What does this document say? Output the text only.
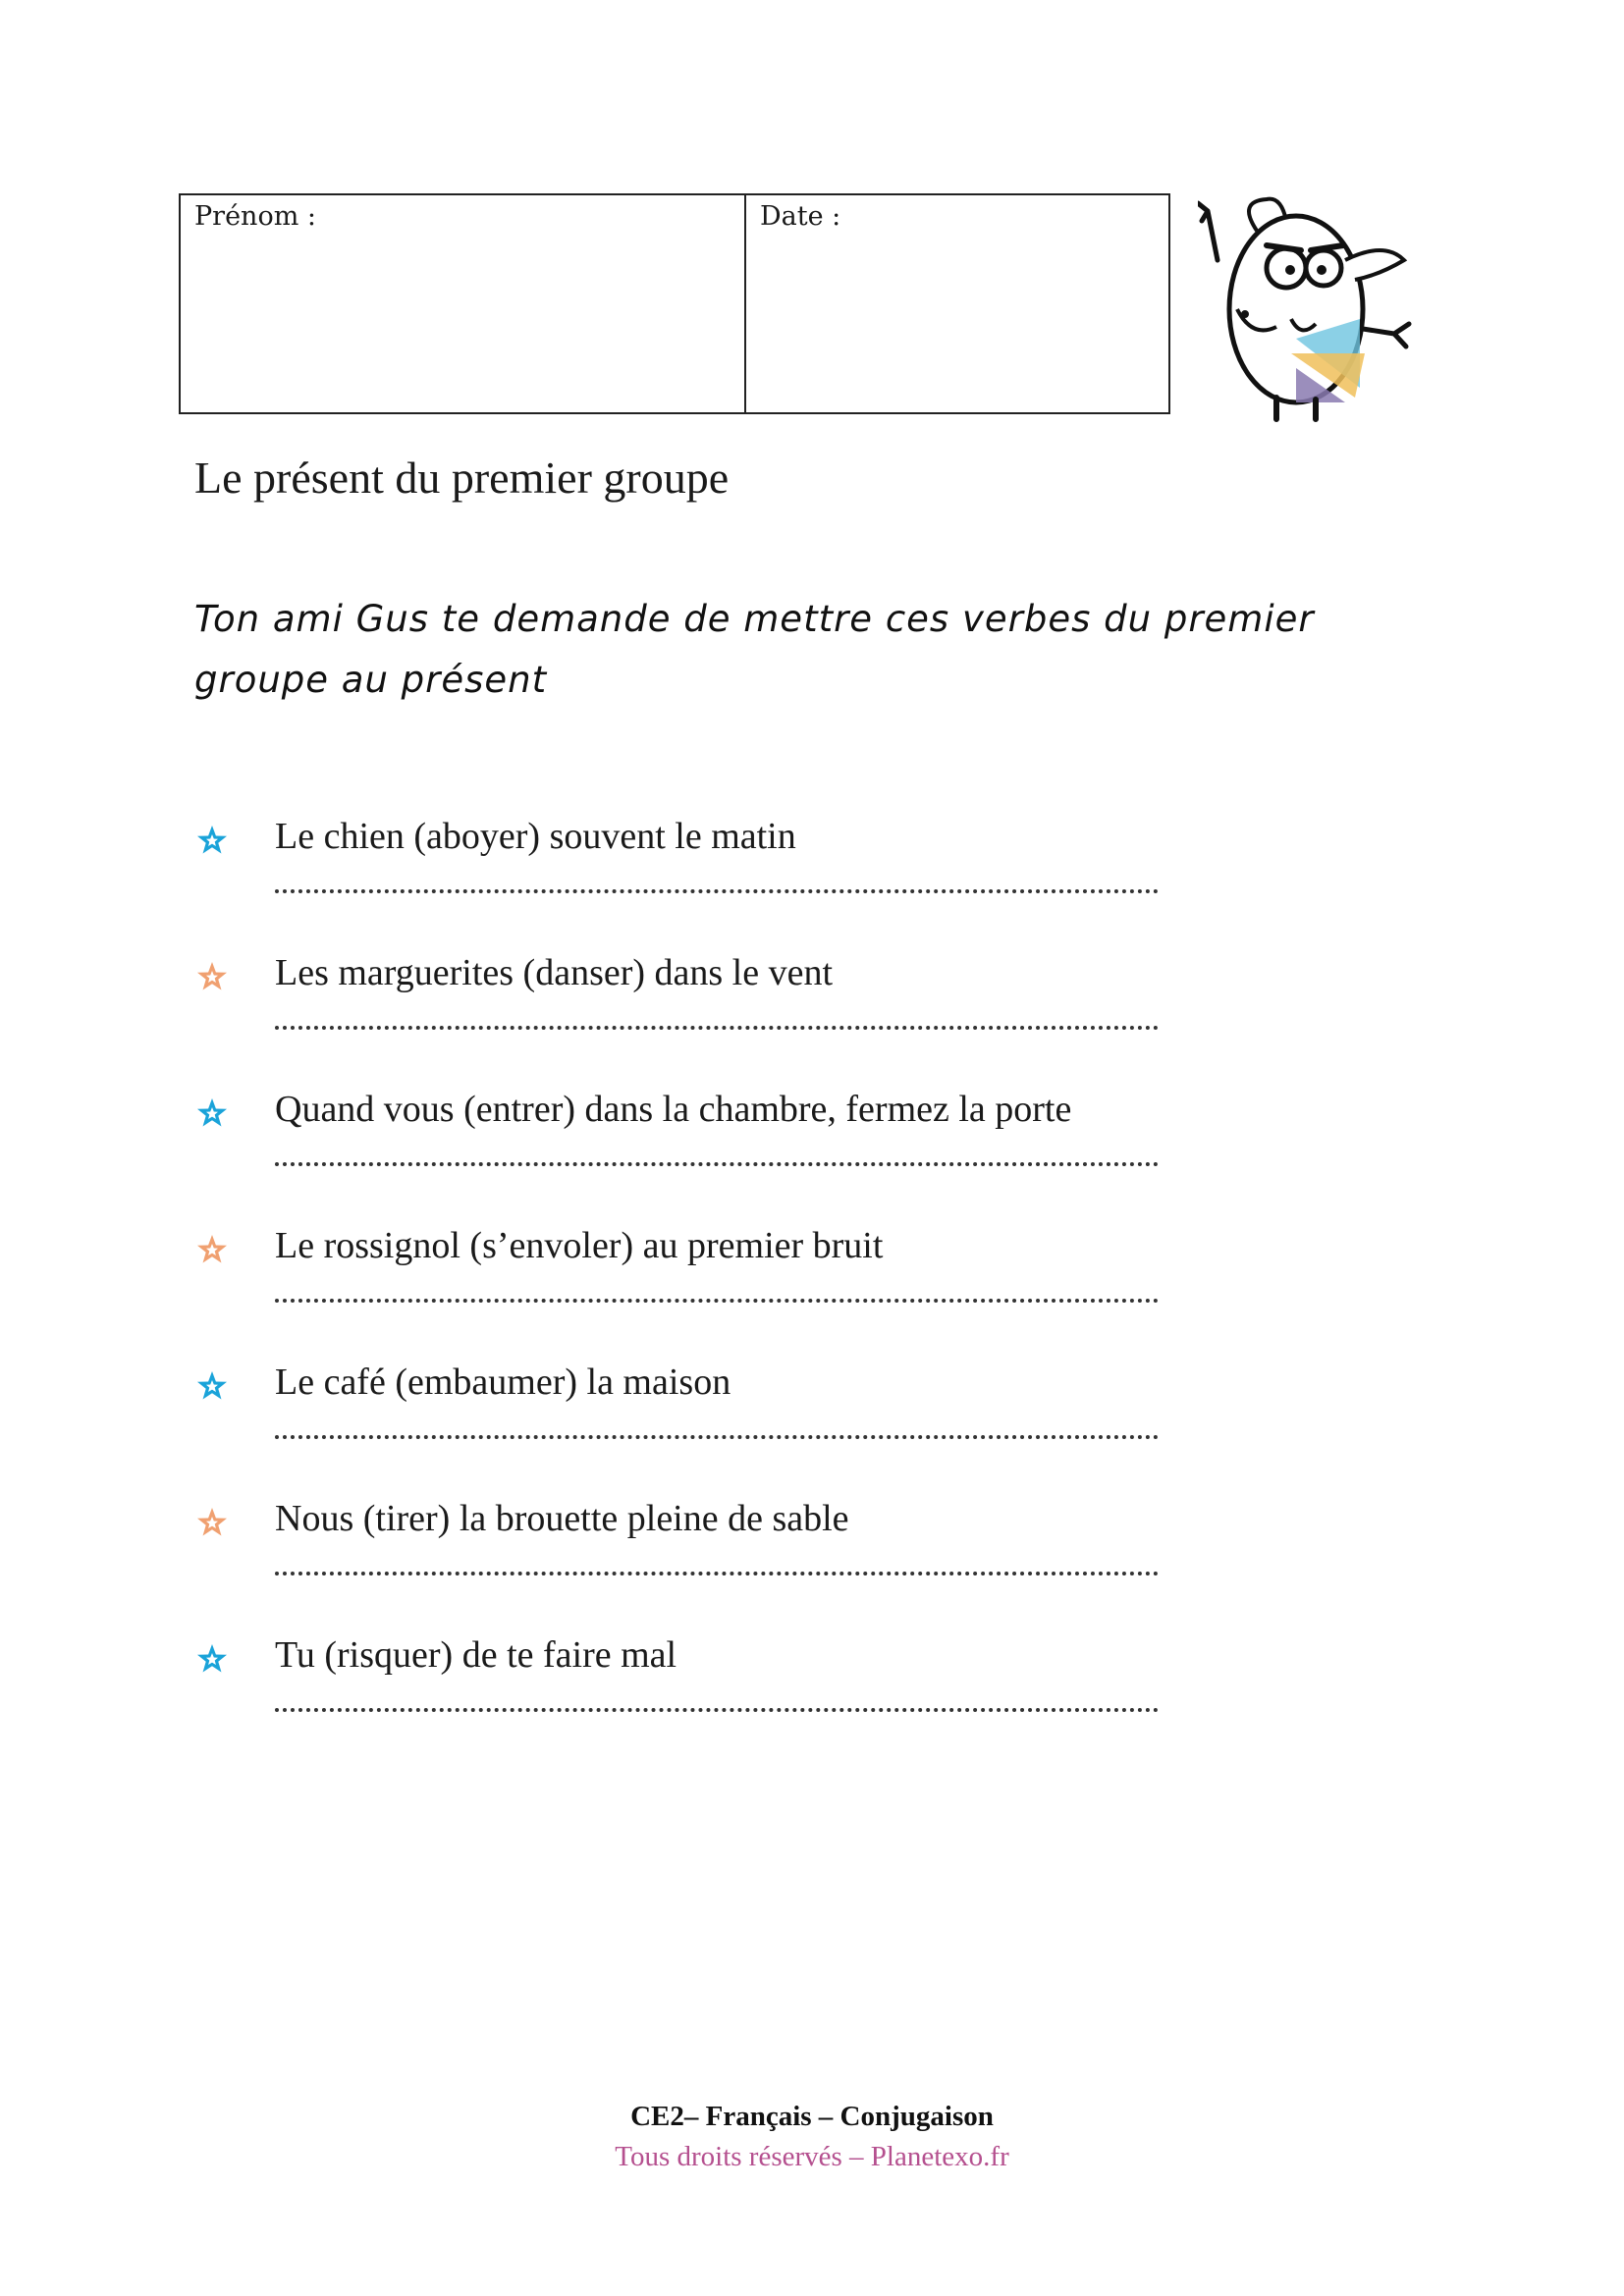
Prénom :	Date :
Le présent du premier groupe
Ton ami Gus te demande de mettre ces verbes du premier groupe au présent
Le chien (aboyer) souvent le matin
Les marguerites (danser) dans le vent
Quand vous (entrer) dans la chambre, fermez la porte
Le rossignol (s’envoler) au premier bruit
Le café (embaumer) la maison
Nous (tirer) la brouette pleine de sable
Tu (risquer) de te faire mal
CE2– Français – Conjugaison
Tous droits réservés – Planetexo.fr
